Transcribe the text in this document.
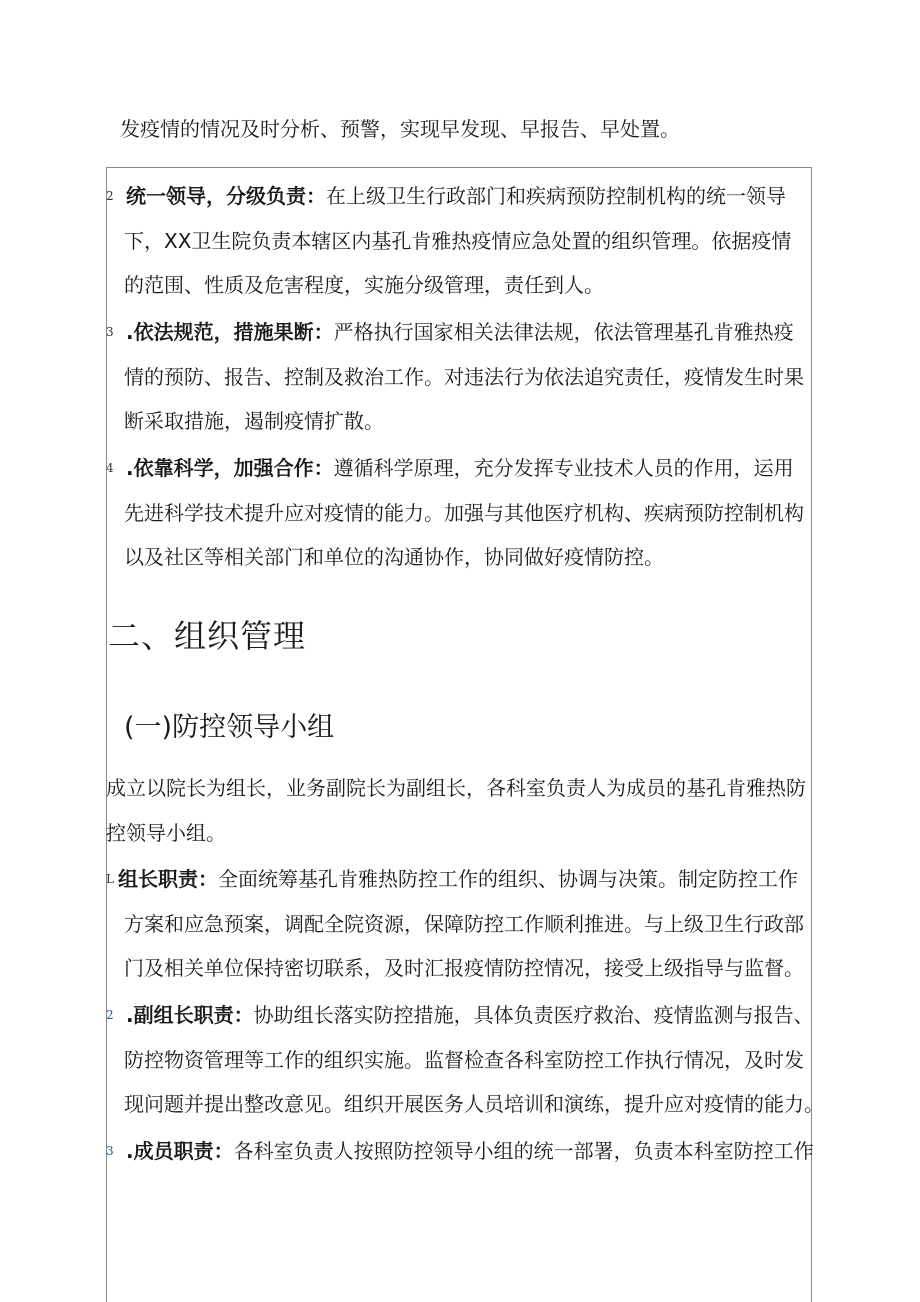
发疫情的情况及时分析、预警，实现早发现、早报告、早处置。
2 统一领导，分级负责：在上级卫生行政部门和疾病预防控制机构的统一领导
下，XX卫生院负责本辖区内基孔肯雅热疫情应急处置的组织管理。依据疫情
的范围、性质及危害程度，实施分级管理，责任到人。
3 .依法规范，措施果断：严格执行国家相关法律法规，依法管理基孔肯雅热疫
情的预防、报告、控制及救治工作。对违法行为依法追究责任，疫情发生时果
断采取措施，遏制疫情扩散。
4 .依靠科学，加强合作：遵循科学原理，充分发挥专业技术人员的作用，运用
先进科学技术提升应对疫情的能力。加强与其他医疗机构、疾病预防控制机构
以及社区等相关部门和单位的沟通协作，协同做好疫情防控。
二、组织管理
(一)防控领导小组
成立以院长为组长，业务副院长为副组长，各科室负责人为成员的基孔肯雅热防
控领导小组。
L 组长职责：全面统筹基孔肯雅热防控工作的组织、协调与决策。制定防控工作
方案和应急预案，调配全院资源，保障防控工作顺利推进。与上级卫生行政部
门及相关单位保持密切联系，及时汇报疫情防控情况，接受上级指导与监督。
2 .副组长职责：协助组长落实防控措施，具体负责医疗救治、疫情监测与报告、
防控物资管理等工作的组织实施。监督检查各科室防控工作执行情况，及时发
现问题并提出整改意见。组织开展医务人员培训和演练，提升应对疫情的能力。
3 .成员职责：各科室负责人按照防控领导小组的统一部署，负责本科室防控工作
